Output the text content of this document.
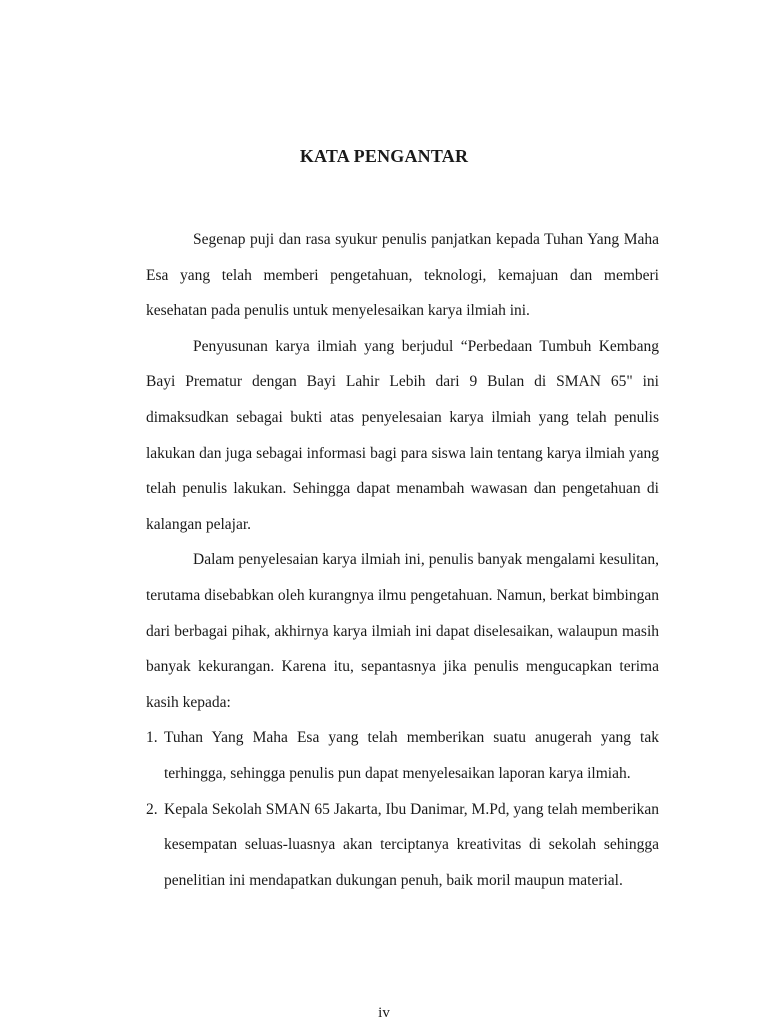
KATA PENGANTAR

Segenap puji dan rasa syukur penulis panjatkan kepada Tuhan Yang Maha Esa yang telah memberi pengetahuan, teknologi, kemajuan dan memberi kesehatan pada penulis untuk menyelesaikan karya ilmiah ini.

Penyusunan karya ilmiah yang berjudul “Perbedaan Tumbuh Kembang Bayi Prematur dengan Bayi Lahir Lebih dari 9 Bulan di SMAN 65" ini dimaksudkan sebagai bukti atas penyelesaian karya ilmiah yang telah penulis lakukan dan juga sebagai informasi bagi para siswa lain tentang karya ilmiah yang telah penulis lakukan. Sehingga dapat menambah wawasan dan pengetahuan di kalangan pelajar.

Dalam penyelesaian karya ilmiah ini, penulis banyak mengalami kesulitan, terutama disebabkan oleh kurangnya ilmu pengetahuan. Namun, berkat bimbingan dari berbagai pihak, akhirnya karya ilmiah ini dapat diselesaikan, walaupun masih banyak kekurangan. Karena itu, sepantasnya jika penulis mengucapkan terima kasih kepada:

1. Tuhan Yang Maha Esa yang telah memberikan suatu anugerah yang tak terhingga, sehingga penulis pun dapat menyelesaikan laporan karya ilmiah.
2. Kepala Sekolah SMAN 65 Jakarta, Ibu Danimar, M.Pd, yang telah memberikan kesempatan seluas-luasnya akan terciptanya kreativitas di sekolah sehingga penelitian ini mendapatkan dukungan penuh, baik moril maupun material.
iv
